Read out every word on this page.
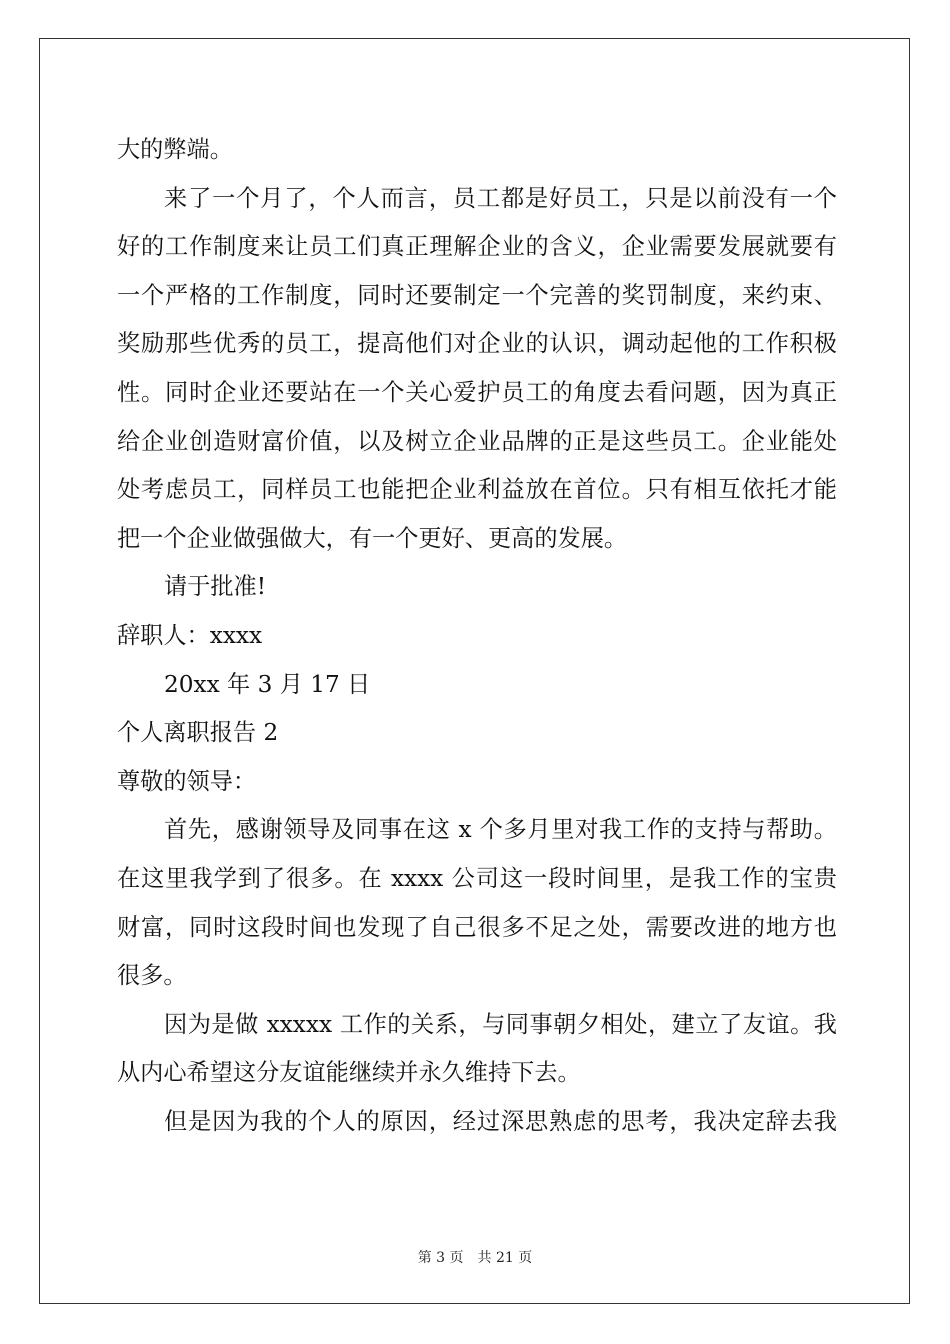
大的弊端。
来了一个月了，个人而言，员工都是好员工，只是以前没有一个
好的工作制度来让员工们真正理解企业的含义，企业需要发展就要有
一个严格的工作制度，同时还要制定一个完善的奖罚制度，来约束、
奖励那些优秀的员工，提高他们对企业的认识，调动起他的工作积极
性。同时企业还要站在一个关心爱护员工的角度去看问题，因为真正
给企业创造财富价值，以及树立企业品牌的正是这些员工。企业能处
处考虑员工，同样员工也能把企业利益放在首位。只有相互依托才能
把一个企业做强做大，有一个更好、更高的发展。
请于批准!
辞职人：xxxx
20xx 年 3 月 17 日
个人离职报告 2
尊敬的领导：
首先，感谢领导及同事在这 x 个多月里对我工作的支持与帮助。
在这里我学到了很多。在 xxxx 公司这一段时间里，是我工作的宝贵
财富，同时这段时间也发现了自己很多不足之处，需要改进的地方也
很多。
因为是做 xxxxx 工作的关系，与同事朝夕相处，建立了友谊。我
从内心希望这分友谊能继续并永久维持下去。
但是因为我的个人的原因，经过深思熟虑的思考，我决定辞去我
第 3 页　共 21 页
